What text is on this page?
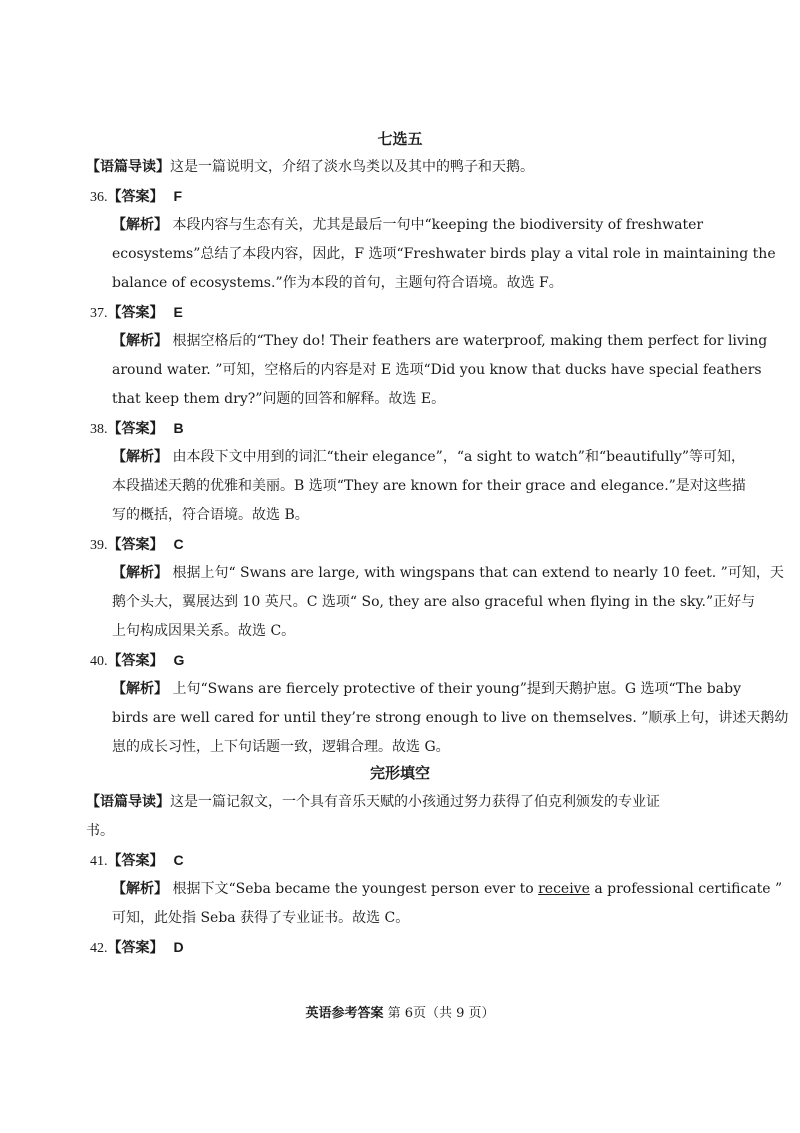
七选五
【语篇导读】这是一篇说明文，介绍了淡水鸟类以及其中的鸭子和天鹅。
36.【答案】 F
【解析】 本段内容与生态有关，尤其是最后一句中“keeping the biodiversity of freshwater
ecosystems”总结了本段内容，因此，F 选项“Freshwater birds play a vital role in maintaining the
balance of ecosystems.”作为本段的首句，主题句符合语境。故选 F。
37.【答案】 E
【解析】 根据空格后的“They do! Their feathers are waterproof, making them perfect for living
around water. ”可知，空格后的内容是对 E 选项“Did you know that ducks have special feathers
that keep them dry?”问题的回答和解释。故选 E。
38.【答案】 B
【解析】 由本段下文中用到的词汇“their elegance”，“a sight to watch”和“beautifully”等可知，
本段描述天鹅的优雅和美丽。B 选项“They are known for their grace and elegance.”是对这些描
写的概括，符合语境。故选 B。
39.【答案】 C
【解析】 根据上句“ Swans are large, with wingspans that can extend to nearly 10 feet. ”可知，天
鹅个头大，翼展达到 10 英尺。C 选项“ So, they are also graceful when flying in the sky.”正好与
上句构成因果关系。故选 C。
40.【答案】 G
【解析】 上句“Swans are fiercely protective of their young”提到天鹅护崽。G 选项“The baby
birds are well cared for until they’re strong enough to live on themselves. ”顺承上句，讲述天鹅幼
崽的成长习性，上下句话题一致，逻辑合理。故选 G。
完形填空
【语篇导读】这是一篇记叙文，一个具有音乐天赋的小孩通过努力获得了伯克利颁发的专业证
书。
41.【答案】 C
【解析】 根据下文“Seba became the youngest person ever to receive a professional certificate ”
可知，此处指 Seba 获得了专业证书。故选 C。
42.【答案】 D
英语参考答案 第 6页（共 9 页）
